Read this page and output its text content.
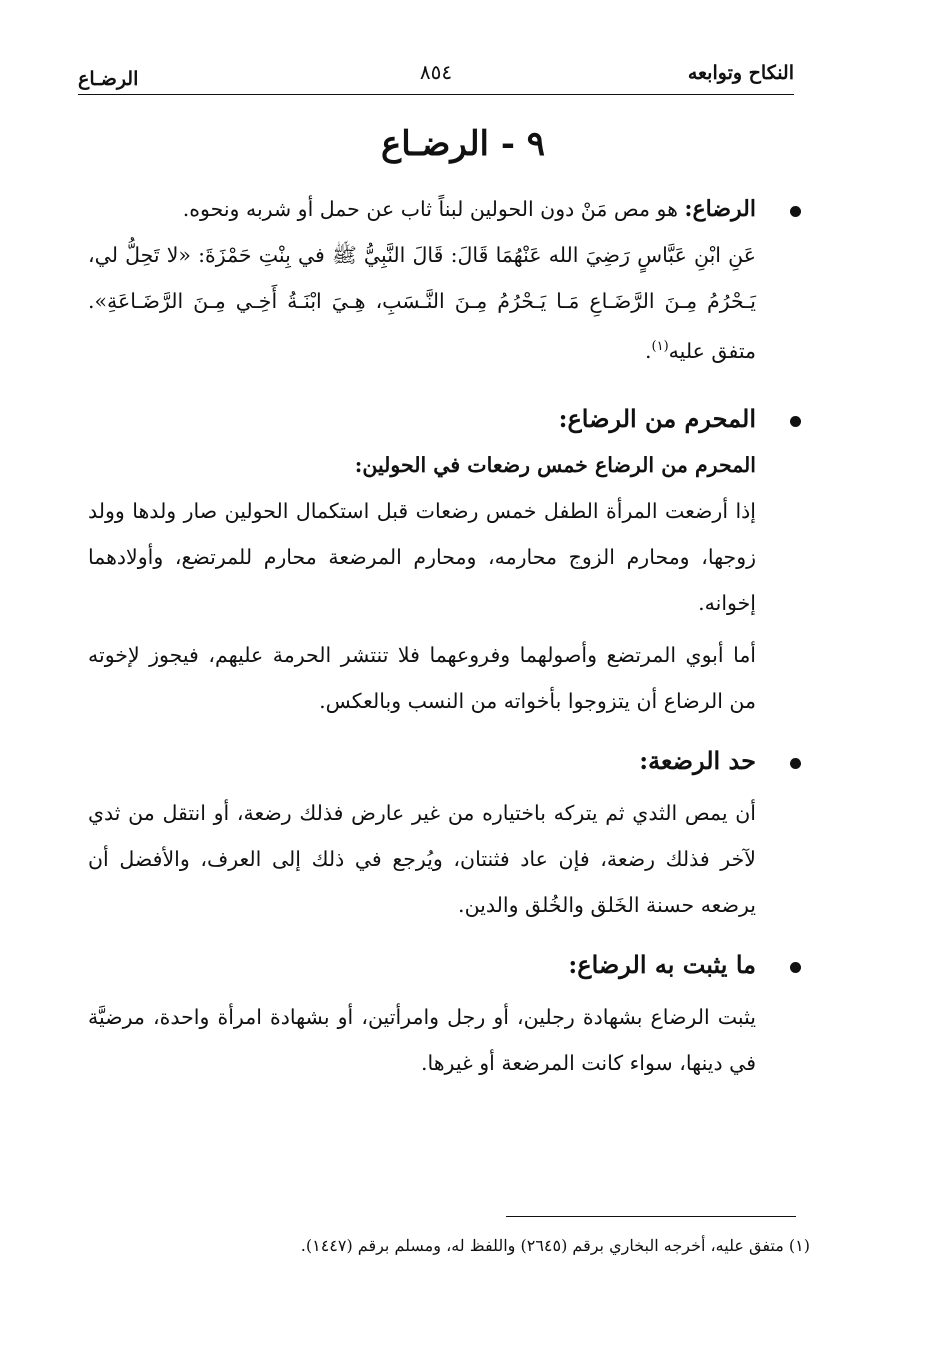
النكاح وتوابعه
٨٥٤
الرضـاع
٩ - الرضـاع

الرضاع: هو مص مَنْ دون الحولين لبناً ثاب عن حمل أو شربه ونحوه.

عَنِ ابْنِ عَبَّاسٍ رَضِيَ الله عَنْهُمَا قَالَ: قَالَ النَّبِيُّ ﷺ في بِنْتِ حَمْزَةَ: «لا تَحِلُّ لي، يَـحْرُمُ مِـنَ الرَّضَـاعِ مَـا يَـحْرُمُ مِـنَ النَّـسَبِ، هِـيَ ابْنَـةُ أَخِـي مِـنَ الرَّضَـاعَةِ». متفق عليه$^{(١)}$.

المحرم من الرضاع:

المحرم من الرضاع خمس رضعات في الحولين:

إذا أرضعت المرأة الطفل خمس رضعات قبل استكمال الحولين صار ولدها وولد زوجها، ومحارم الزوج محارمه، ومحارم المرضعة محارم للمرتضع، وأولادهما إخوانه.

أما أبوي المرتضع وأصولهما وفروعهما فلا تنتشر الحرمة عليهم، فيجوز لإخوته من الرضاع أن يتزوجوا بأخواته من النسب وبالعكس.

حد الرضعة:

أن يمص الثدي ثم يتركه باختياره من غير عارض فذلك رضعة، أو انتقل من ثدي لآخر فذلك رضعة، فإن عاد فثنتان، ويُرجع في ذلك إلى العرف، والأفضل أن يرضعه حسنة الخَلق والخُلق والدين.

ما يثبت به الرضاع:

يثبت الرضاع بشهادة رجلين، أو رجل وامرأتين، أو بشهادة امرأة واحدة، مرضيَّة في دينها، سواء كانت المرضعة أو غيرها.

(١) متفق عليه، أخرجه البخاري برقم (٢٦٤٥) واللفظ له، ومسلم برقم (١٤٤٧).
